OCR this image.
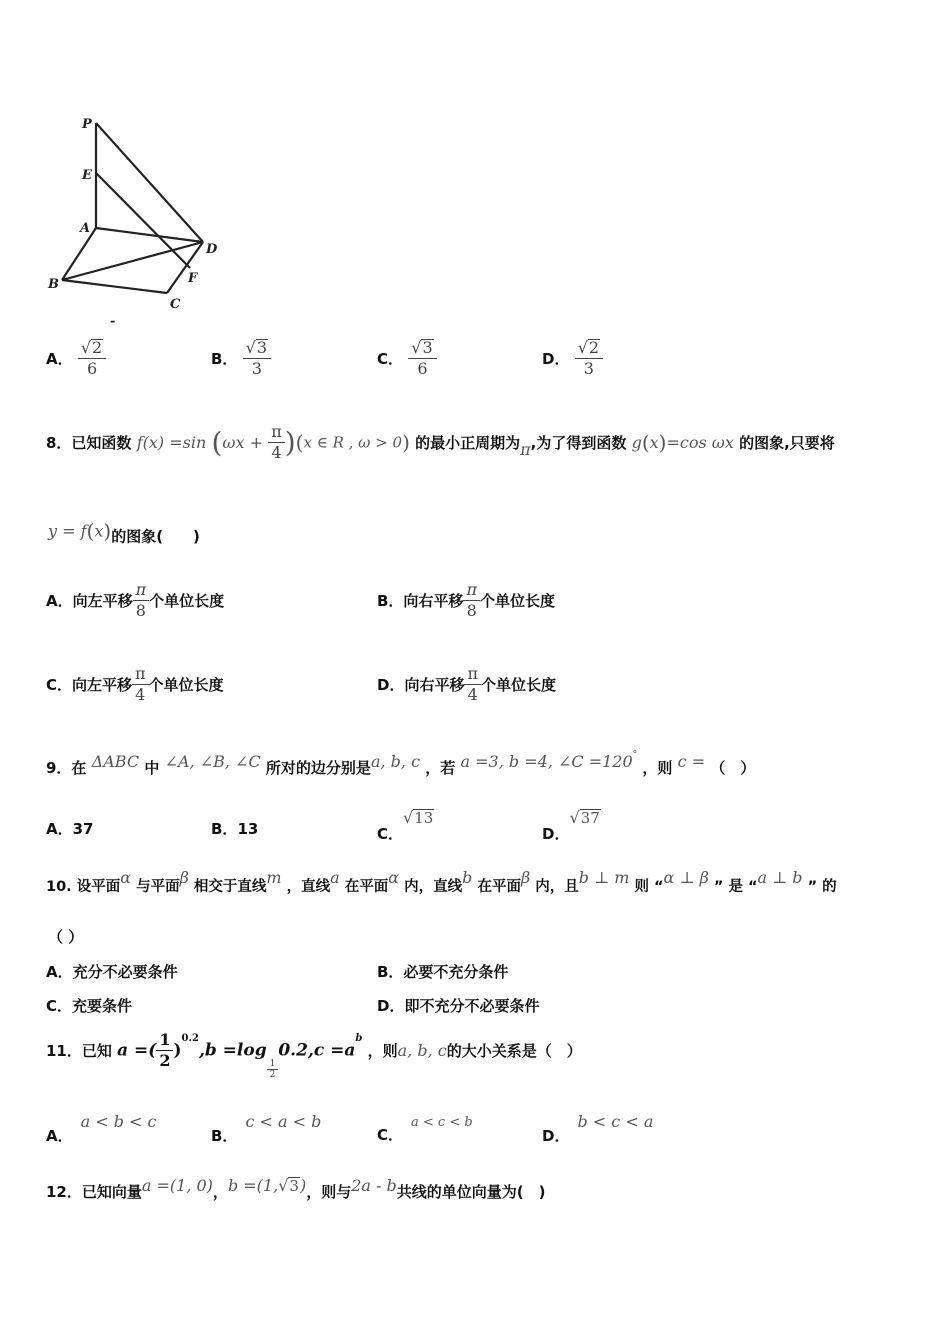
P
E
A
D
B	F
C
-
A． $\frac{√2}{6}$	B． $\frac{√3}{3}$	C． $\frac{√3}{6}$	D． $\frac{√2}{3}$
8．已知函数 f(x) =sin $(\omega x + \frac{\pi}{4} )(x$ ∈ R , ω > 0) 的最小正周期为π,为了得到函数 g(x)=cos ωx 的图象,只要将
y = f(x)的图象(　　)
A．向左平移 $\frac{\pi}{8}$ 个单位长度	B．向右平移 $\frac{\pi}{8}$ 个单位长度
C．向左平移 $\frac{\pi}{4}$ 个单位长度	D．向右平移 $\frac{\pi}{4}$ 个单位长度
9．在 ΔABC 中 ∠A, ∠B, ∠C 所对的边分别是a, b, c ，若 a =3, b =4, ∠C =120° ，则 c = （　）
A．37	B．13	C．√13
D．√37
10. 设平面α 与平面β 相交于直线m ，直线a 在平面α 内，直线b 在平面β 内，且b ⊥ m 则 “α ⊥ β ” 是 “a ⊥ b ” 的
（ ）
A．充分不必要条件	B．必要不充分条件
C．充要条件	D．即不充分不必要条件
11．已知 a =( $\frac{1}{2} )^{0.2},b =\log$
$\frac{1}{2}$
$0.2,c =a^b$ ，则a, b, c的大小关系是（　）
A．a < b < c
B．c < a < b
C．a < c < b
D．b < c < a
12．已知向量a =(1, 0)，b =(1,√3)，则与2a - b共线的单位向量为(　)
